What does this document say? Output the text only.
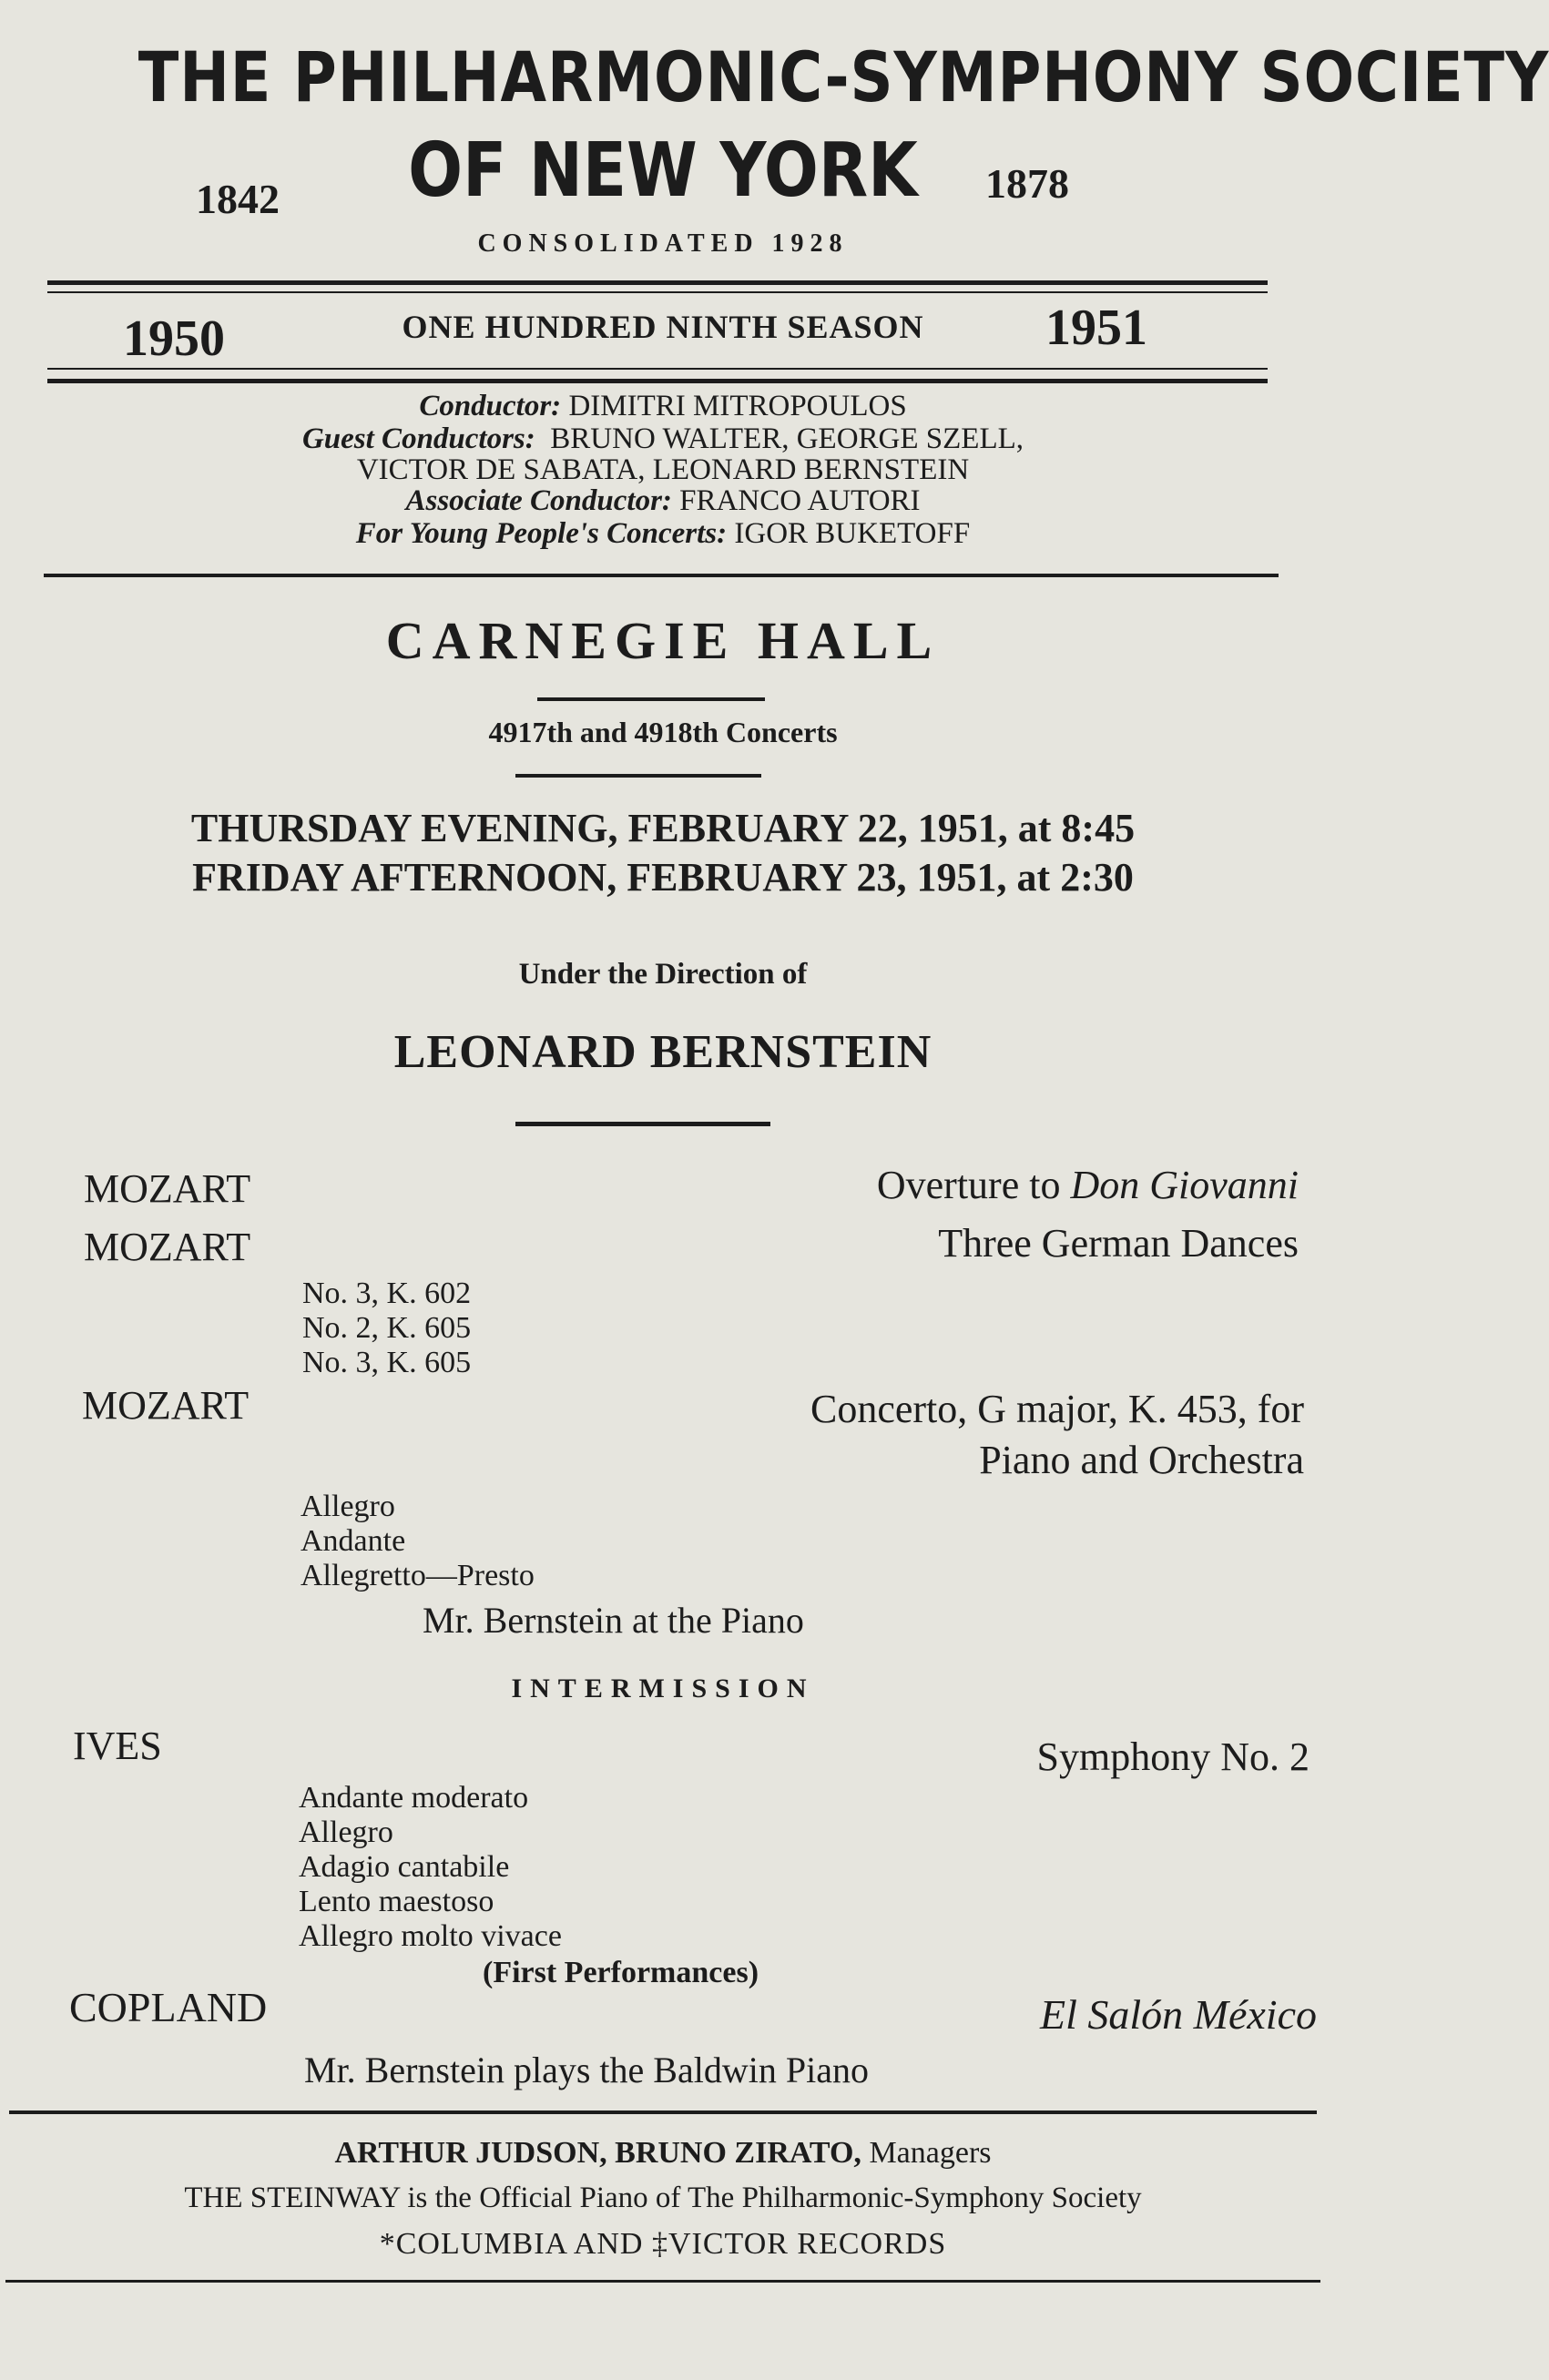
THE PHILHARMONIC-SYMPHONY SOCIETY
1842	OF NEW YORK	1878
CONSOLIDATED 1928
1950	ONE HUNDRED NINTH SEASON	1951
Conductor: DIMITRI MITROPOULOS
Guest Conductors: BRUNO WALTER, GEORGE SZELL,
VICTOR DE SABATA, LEONARD BERNSTEIN
Associate Conductor: FRANCO AUTORI
For Young People's Concerts: IGOR BUKETOFF
CARNEGIE HALL
4917th and 4918th Concerts
THURSDAY EVENING, FEBRUARY 22, 1951, at 8:45
FRIDAY AFTERNOON, FEBRUARY 23, 1951, at 2:30
Under the Direction of
LEONARD BERNSTEIN
MOZART	Overture to Don Giovanni
MOZART	Three German Dances
No. 3, K. 602
No. 2, K. 605
No. 3, K. 605
MOZART	Concerto, G major, K. 453, for
Piano and Orchestra
Allegro
Andante
Allegretto—Presto
Mr. Bernstein at the Piano
INTERMISSION
IVES	Symphony No. 2
Andante moderato
Allegro
Adagio cantabile
Lento maestoso
Allegro molto vivace
(First Performances)
COPLAND	El Salón México
Mr. Bernstein plays the Baldwin Piano
ARTHUR JUDSON, BRUNO ZIRATO, Managers
THE STEINWAY is the Official Piano of The Philharmonic-Symphony Society
*COLUMBIA AND ‡VICTOR RECORDS
